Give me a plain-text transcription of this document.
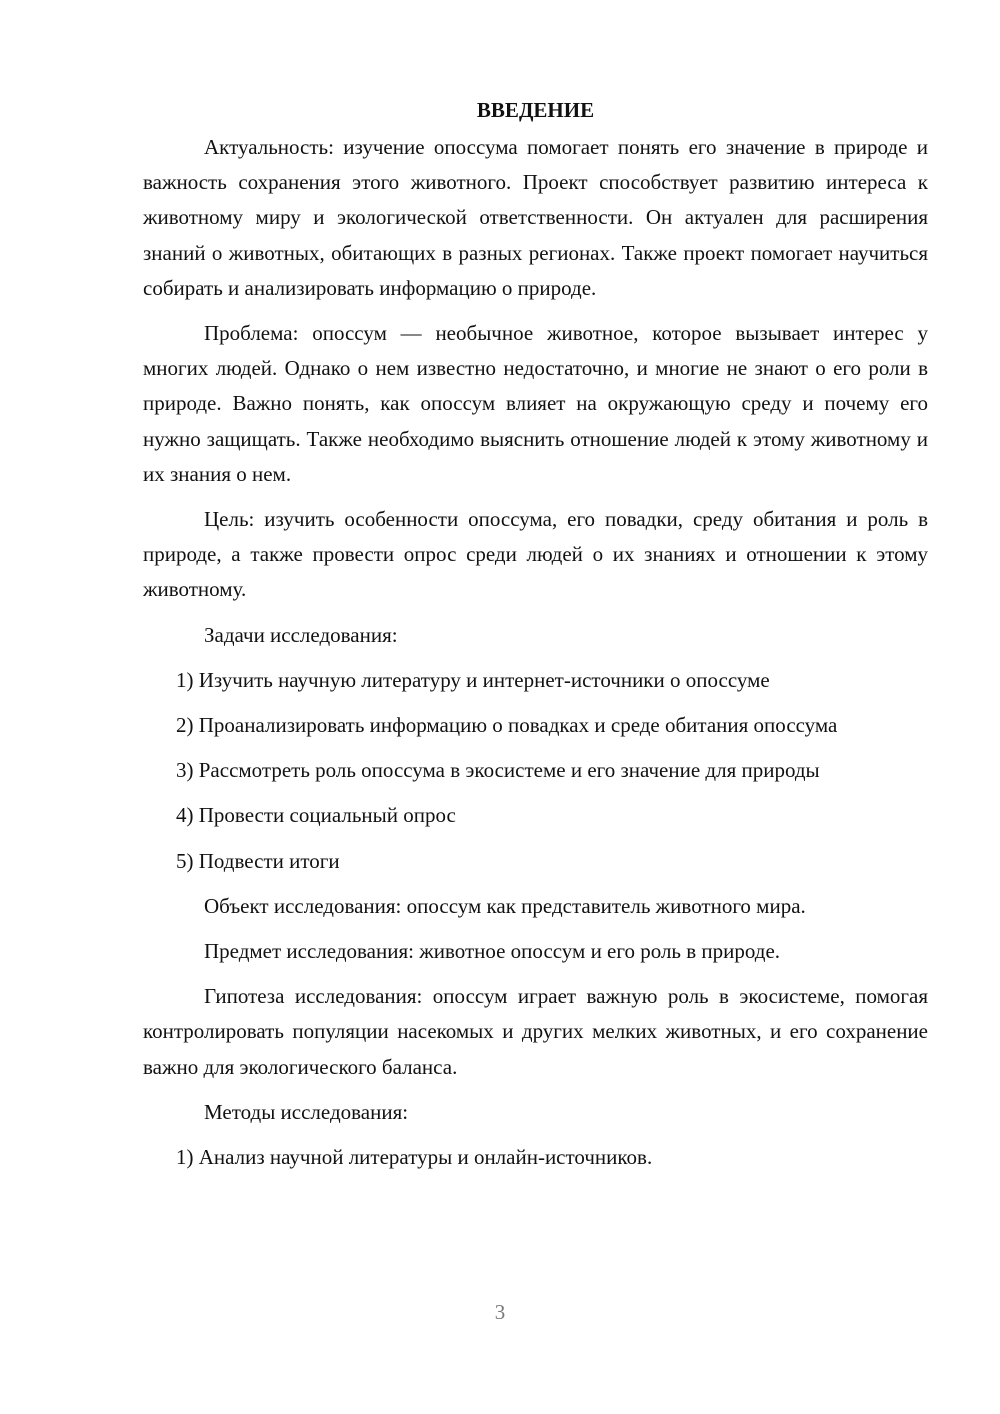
ВВЕДЕНИЕ

Актуальность: изучение опоссума помогает понять его значение в природе и важность сохранения этого животного. Проект способствует развитию интереса к животному миру и экологической ответственности. Он актуален для расширения знаний о животных, обитающих в разных регионах. Также проект помогает научиться собирать и анализировать информацию о природе.

Проблема: опоссум — необычное животное, которое вызывает интерес у многих людей. Однако о нем известно недостаточно, и многие не знают о его роли в природе. Важно понять, как опоссум влияет на окружающую среду и почему его нужно защищать. Также необходимо выяснить отношение людей к этому животному и их знания о нем.

Цель: изучить особенности опоссума, его повадки, среду обитания и роль в природе, а также провести опрос среди людей о их знаниях и отношении к этому животному.

Задачи исследования:

1) Изучить научную литературу и интернет-источники о опоссуме

2) Проанализировать информацию о повадках и среде обитания опоссума

3) Рассмотреть роль опоссума в экосистеме и его значение для природы

4) Провести социальный опрос

5) Подвести итоги

Объект исследования: опоссум как представитель животного мира.

Предмет исследования: животное опоссум и его роль в природе.

Гипотеза исследования: опоссум играет важную роль в экосистеме, помогая контролировать популяции насекомых и других мелких животных, и его сохранение важно для экологического баланса.

Методы исследования:

1) Анализ научной литературы и онлайн-источников.

3
